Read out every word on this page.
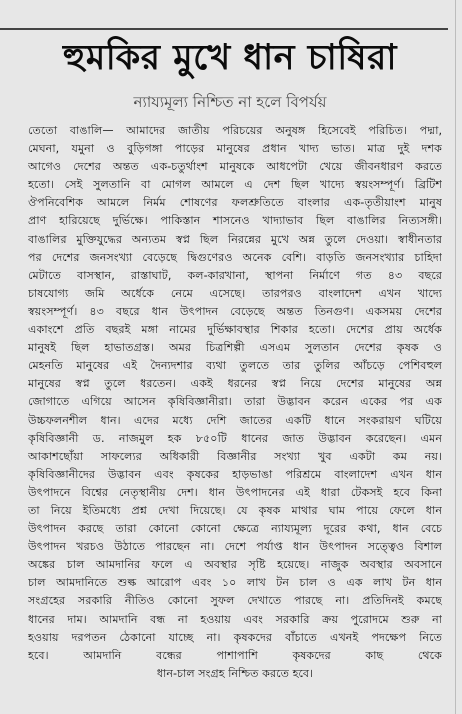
হুমকির মুখে ধান চাষিরা
ন্যায্যমূল্য নিশ্চিত না হলে বিপর্যয়
তেতো বাঙালি— আমাদের জাতীয় পরিচয়ের অনুষঙ্গ হিসেবেই পরিচিত। পদ্মা,
মেঘনা, যমুনা ও বুড়িগঙ্গা পাড়ের মানুষের প্রধান খাদ্য ভাত। মাত্র দুই দশক
আগেও দেশের অন্তত এক-চতুর্থাংশ মানুষকে আধপেটা খেয়ে জীবনধারণ করতে
হতো। সেই সুলতানি বা মোগল আমলে এ দেশ ছিল খাদ্যে স্বয়ংসম্পূর্ণ। ব্রিটিশ
ঔপনিবেশিক আমলে নির্মম শোষণের ফলশ্রুতিতে বাংলার এক-তৃতীয়াংশ মানুষ
প্রাণ হারিয়েছে দুর্ভিক্ষে। পাকিস্তান শাসনেও খাদ্যাভাব ছিল বাঙালির নিত্যসঙ্গী।
বাঙালির মুক্তিযুদ্ধের অন্যতম স্বপ্ন ছিল নিরন্নের মুখে অন্ন তুলে দেওয়া। স্বাধীনতার
পর দেশের জনসংখ্যা বেড়েছে দ্বিগুণেরও অনেক বেশি। বাড়তি জনসংখ্যার চাহিদা
মেটাতে বাসস্থান, রাস্তাঘাট, কল-কারখানা, স্থাপনা নির্মাণে গত ৪৩ বছরে
চাষযোগ্য জমি অর্ধেকে নেমে এসেছে। তারপরও বাংলাদেশ এখন খাদ্যে
স্বয়ংসম্পূর্ণ। ৪৩ বছরে ধান উৎপাদন বেড়েছে অন্তত তিনগুণ। একসময় দেশের
একাংশে প্রতি বছরই মঙ্গা নামের দুর্ভিক্ষাবস্থার শিকার হতো। দেশের প্রায় অর্ধেক
মানুষই ছিল হাভাতগ্রস্ত। অমর চিত্রশিল্পী এসএম সুলতান দেশের কৃষক ও
মেহনতি মানুষের এই দৈন্যদশার ব্যথা তুলতে তার তুলির আঁচড়ে পেশিবহুল
মানুষের স্বপ্ন তুলে ধরতেন। একই ধরনের স্বপ্ন নিয়ে দেশের মানুষের অন্ন
জোগাতে এগিয়ে আসেন কৃষিবিজ্ঞানীরা। তারা উদ্ভাবন করেন একের পর এক
উচ্চফলনশীল ধান। এদের মধ্যে দেশি জাতের একটি ধানে সংকরায়ণ ঘটিয়ে
কৃষিবিজ্ঞানী ড. নাজমুল হক ৮৫০টি ধানের জাত উদ্ভাবন করেছেন। এমন
আকাশছোঁয়া সাফল্যের অধিকারী বিজ্ঞানীর সংখ্যা খুব একটা কম নয়।
কৃষিবিজ্ঞানীদের উদ্ভাবন এবং কৃষকের হাড়ভাঙা পরিশ্রমে বাংলাদেশ এখন ধান
উৎপাদনে বিশ্বের নেতৃস্থানীয় দেশ। ধান উৎপাদনের এই ধারা টেকসই হবে কিনা
তা নিয়ে ইতিমধ্যে প্রশ্ন দেখা দিয়েছে। যে কৃষক মাথার ঘাম পায়ে ফেলে ধান
উৎপাদন করছে তারা কোনো কোনো ক্ষেত্রে ন্যায্যমূল্য দূরের কথা, ধান বেচে
উৎপাদন খরচও উঠাতে পারছেন না। দেশে পর্যাপ্ত ধান উৎপাদন সত্ত্বেও বিশাল
অঙ্কের চাল আমদানির ফলে এ অবস্থার সৃষ্টি হয়েছে। নাজুক অবস্থার অবসানে
চাল আমদানিতে শুল্ক আরোপ এবং ১০ লাখ টন চাল ও এক লাখ টন ধান
সংগ্রহের সরকারি নীতিও কোনো সুফল দেখাতে পারছে না। প্রতিদিনই কমছে
ধানের দাম। আমদানি বন্ধ না হওয়ায় এবং সরকারি ক্রয় পুরোদমে শুরু না
হওয়ায় দরপতন ঠেকানো যাচ্ছে না। কৃষকদের বাঁচাতে এখনই পদক্ষেপ নিতে
হবে। আমদানি বন্ধের পাশাপাশি কৃষকদের কাছ থেকে
ধান-চাল সংগ্রহ নিশ্চিত করতে হবে।
